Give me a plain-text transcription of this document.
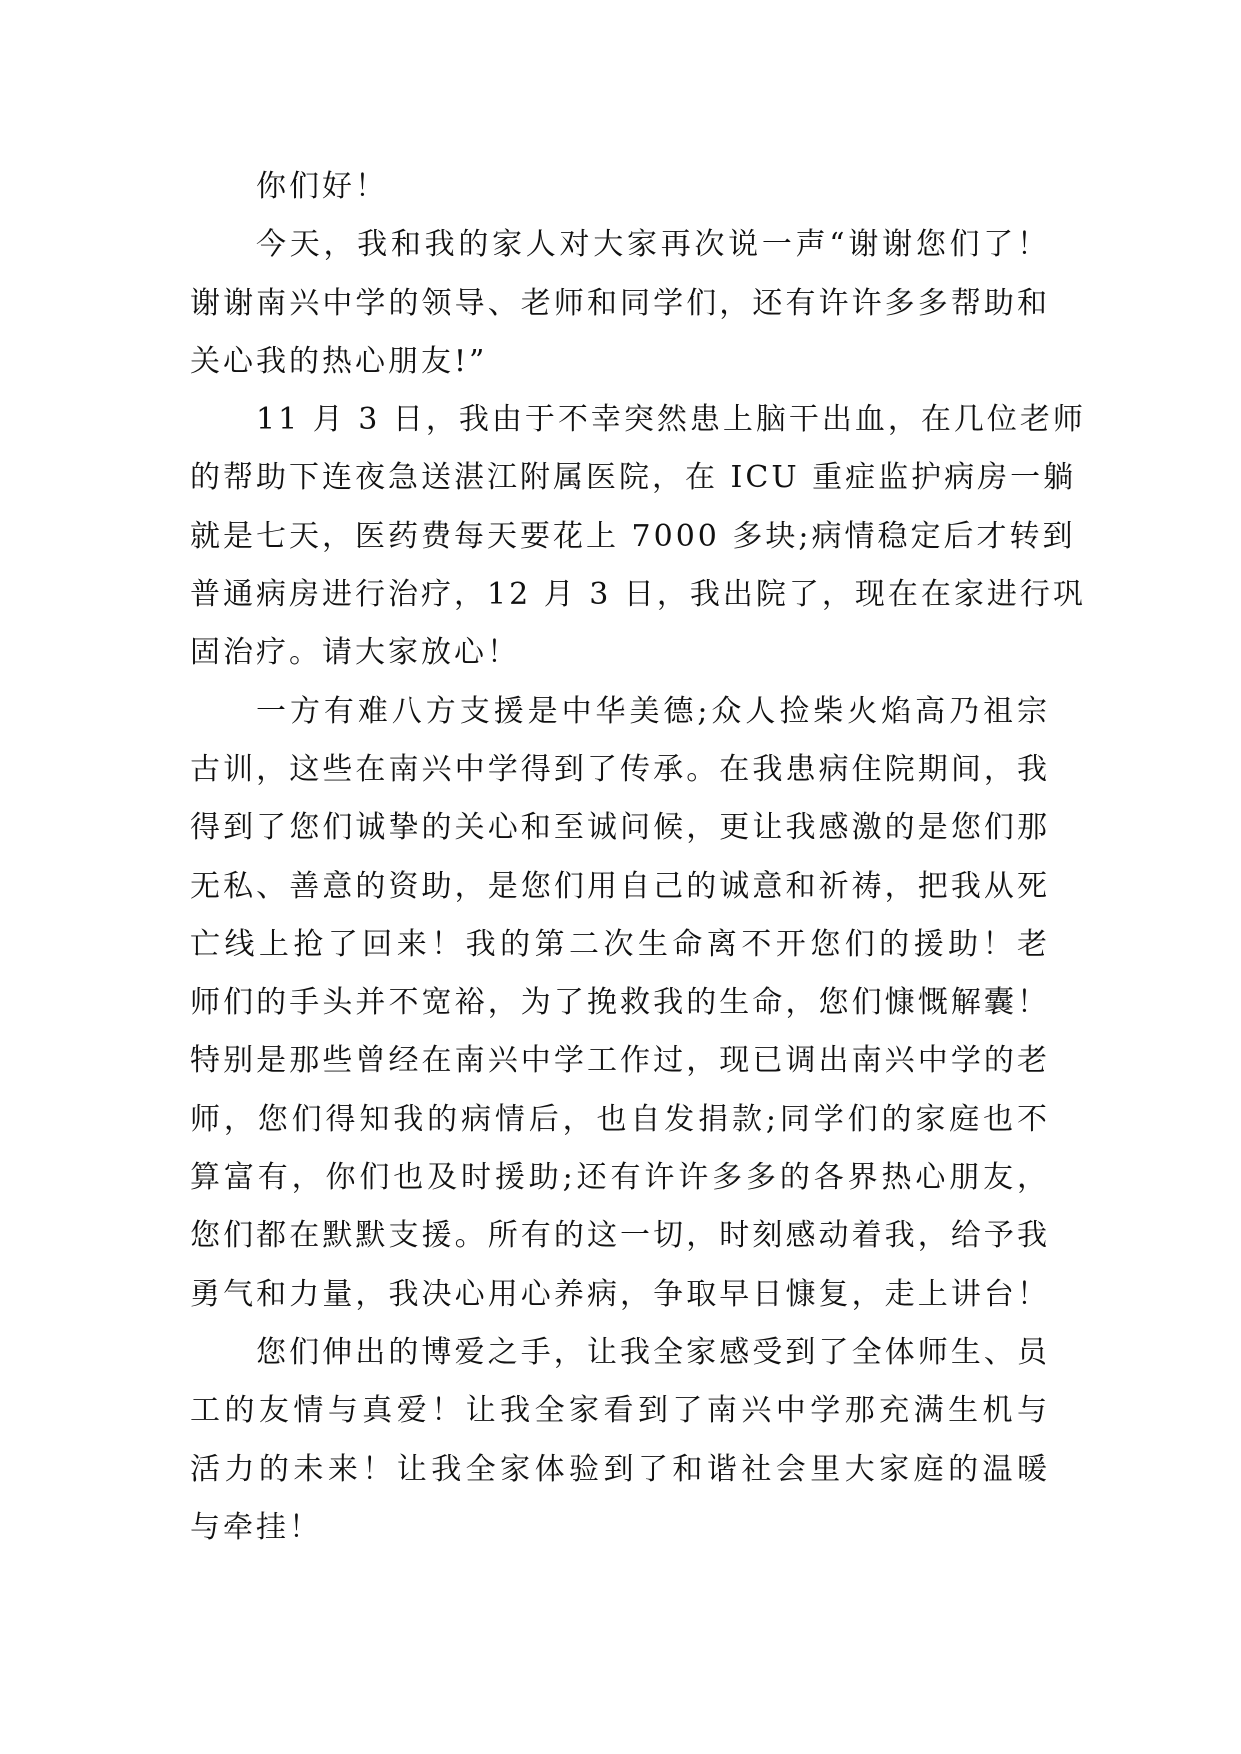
你们好！
今天，我和我的家人对大家再次说一声“谢谢您们了！
谢谢南兴中学的领导、老师和同学们，还有许许多多帮助和
关心我的热心朋友!”
11 月 3 日，我由于不幸突然患上脑干出血，在几位老师
的帮助下连夜急送湛江附属医院，在 ICU 重症监护病房一躺
就是七天，医药费每天要花上 7000 多块;病情稳定后才转到
普通病房进行治疗，12 月 3 日，我出院了，现在在家进行巩
固治疗。请大家放心！
一方有难八方支援是中华美德;众人捡柴火焰高乃祖宗
古训，这些在南兴中学得到了传承。在我患病住院期间，我
得到了您们诚挚的关心和至诚问候，更让我感激的是您们那
无私、善意的资助，是您们用自己的诚意和祈祷，把我从死
亡线上抢了回来！我的第二次生命离不开您们的援助！老
师们的手头并不宽裕，为了挽救我的生命，您们慷慨解囊！
特别是那些曾经在南兴中学工作过，现已调出南兴中学的老
师，您们得知我的病情后，也自发捐款;同学们的家庭也不
算富有，你们也及时援助;还有许许多多的各界热心朋友，
您们都在默默支援。所有的这一切，时刻感动着我，给予我
勇气和力量，我决心用心养病，争取早日慷复，走上讲台！
您们伸出的博爱之手，让我全家感受到了全体师生、员
工的友情与真爱！让我全家看到了南兴中学那充满生机与
活力的未来！让我全家体验到了和谐社会里大家庭的温暖
与牵挂！
